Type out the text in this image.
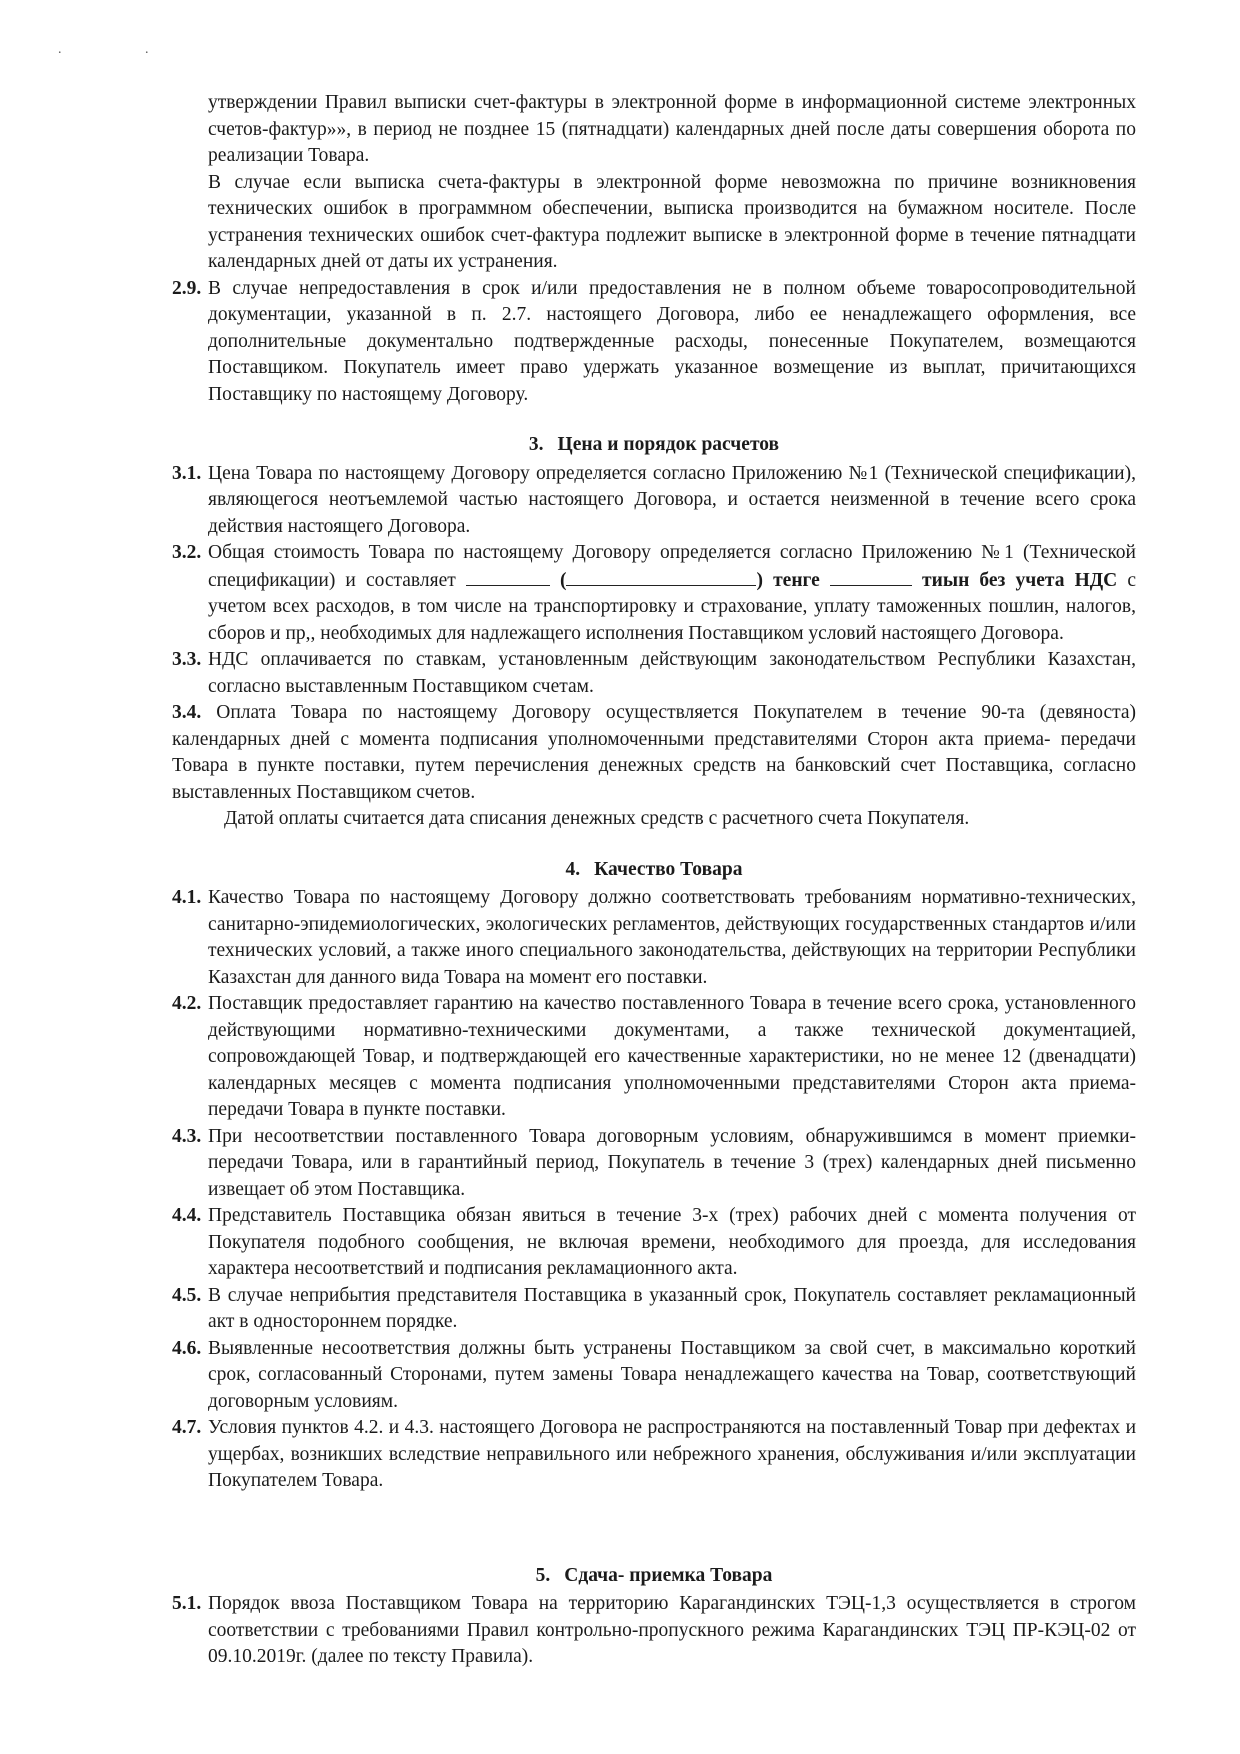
. .

утверждении Правил выписки счет-фактуры в электронной форме в информационной системе электронных счетов-фактур»», в период не позднее 15 (пятнадцати) календарных дней после даты совершения оборота по реализации Товара.

В случае если выписка счета-фактуры в электронной форме невозможна по причине возникновения технических ошибок в программном обеспечении, выписка производится на бумажном носителе. После устранения технических ошибок счет-фактура подлежит выписке в электронной форме в течение пятнадцати календарных дней от даты их устранения.

2.9. В случае непредоставления в срок и/или предоставления не в полном объеме товаросопроводительной документации, указанной в п. 2.7. настоящего Договора, либо ее ненадлежащего оформления, все дополнительные документально подтвержденные расходы, понесенные Покупателем, возмещаются Поставщиком. Покупатель имеет право удержать указанное возмещение из выплат, причитающихся Поставщику по настоящему Договору.
3. Цена и порядок расчетов
3.1. Цена Товара по настоящему Договору определяется согласно Приложению №1 (Технической спецификации), являющегося неотъемлемой частью настоящего Договора, и остается неизменной в течение всего срока действия настоящего Договора.
3.2. Общая стоимость Товара по настоящему Договору определяется согласно Приложению №1 (Технической спецификации) и составляет	(	) тенге	тиын без учета НДС с учетом всех расходов, в том числе на транспортировку и страхование, уплату таможенных пошлин, налогов, сборов и пр,, необходимых для надлежащего исполнения Поставщиком условий настоящего Договора.
3.3. НДС оплачивается по ставкам, установленным действующим законодательством Республики Казахстан, согласно выставленным Поставщиком счетам.

3.4. Оплата Товара по настоящему Договору осуществляется Покупателем в течение 90-та (девяноста) календарных дней с момента подписания уполномоченными представителями Сторон акта приема- передачи Товара в пункте поставки, путем перечисления денежных средств на банковский счет Поставщика, согласно выставленных Поставщиком счетов.

Датой оплаты считается дата списания денежных средств с расчетного счета Покупателя.

4. Качество Товара
4.1. Качество Товара по настоящему Договору должно соответствовать требованиям нормативно-технических, санитарно-эпидемиологических, экологических регламентов, действующих государственных стандартов и/или технических условий, а также иного специального законодательства, действующих на территории Республики Казахстан для данного вида Товара на момент его поставки.
4.2. Поставщик предоставляет гарантию на качество поставленного Товара в течение всего срока, установленного действующими нормативно-техническими документами, а также технической документацией, сопровождающей Товар, и подтверждающей его качественные характеристики, но не менее 12 (двенадцати) календарных месяцев с момента подписания уполномоченными представителями Сторон акта приема-передачи Товара в пункте поставки.
4.3. При несоответствии поставленного Товара договорным условиям, обнаружившимся в момент приемки-передачи Товара, или в гарантийный период, Покупатель в течение 3 (трех) календарных дней письменно извещает об этом Поставщика.
4.4. Представитель Поставщика обязан явиться в течение 3-х (трех) рабочих дней с момента получения от Покупателя подобного сообщения, не включая времени, необходимого для проезда, для исследования характера несоответствий и подписания рекламационного акта.
4.5. В случае неприбытия представителя Поставщика в указанный срок, Покупатель составляет рекламационный акт в одностороннем порядке.
4.6. Выявленные несоответствия должны быть устранены Поставщиком за свой счет, в максимально короткий срок, согласованный Сторонами, путем замены Товара ненадлежащего качества на Товар, соответствующий договорным условиям.
4.7. Условия пунктов 4.2. и 4.3. настоящего Договора не распространяются на поставленный Товар при дефектах и ущербах, возникших вследствие неправильного или небрежного хранения, обслуживания и/или эксплуатации Покупателем Товара.
5. Сдача- приемка Товара
5.1. Порядок ввоза Поставщиком Товара на территорию Карагандинских ТЭЦ-1,3 осуществляется в строгом соответствии с требованиями Правил контрольно-пропускного режима Карагандинских ТЭЦ ПР-КЭЦ-02 от 09.10.2019г. (далее по тексту Правила).
